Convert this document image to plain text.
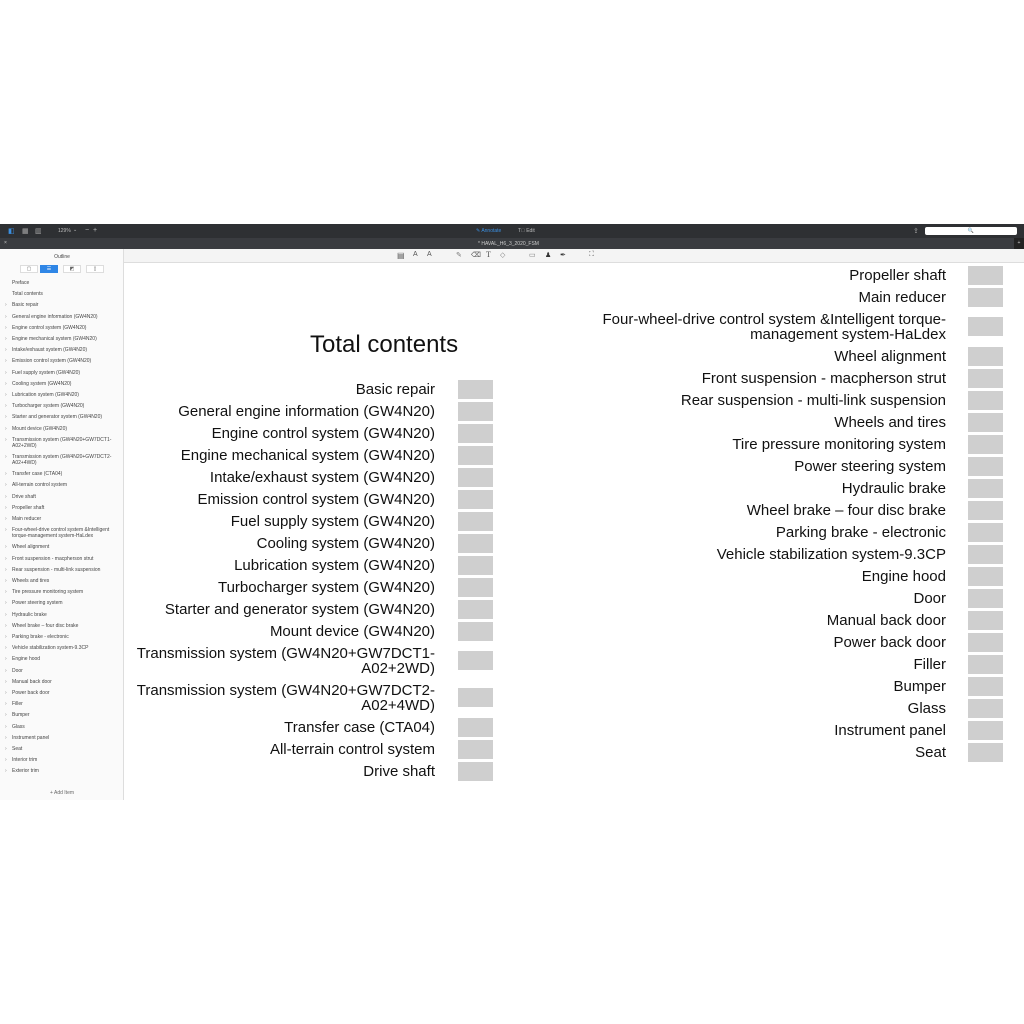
◧ ▦ ▥	129% ⌄ − +	✎ Annotate	T⃞ Edit	⇪	🔍
×	* HAVAL_H6_3_2020_FSM	+
▤ A A	✎ ⌫ T ◇	▭ ♟ ✒	⛶
Outline
▢	☰	◩	▯
Preface
Total contents
› Basic repair
› General engine information (GW4N20)
› Engine control system (GW4N20)
› Engine mechanical system (GW4N20)
› Intake/exhaust system (GW4N20)
› Emission control system (GW4N20)
› Fuel supply system (GW4N20)
› Cooling system (GW4N20)
› Lubrication system (GW4N20)
› Turbocharger system (GW4N20)
› Starter and generator system (GW4N20)
› Mount device (GW4N20)
› Transmission system (GW4N20+GW7DCT1-A02+2WD)
› Transmission system (GW4N20+GW7DCT2-A02+4WD)
› Transfer case (CTA04)
› All-terrain control system
› Drive shaft
› Propeller shaft
› Main reducer
› Four-wheel-drive control system &Intelligent torque-management system-HaLdex
› Wheel alignment
› Front suspension - macpherson strut
› Rear suspension - multi-link suspension
› Wheels and tires
› Tire pressure monitoring system
› Power steering system
› Hydraulic brake
› Wheel brake – four disc brake
› Parking brake - electronic
› Vehicle stabilization system-9.3CP
› Engine hood
› Door
› Manual back door
› Power back door
› Filler
› Bumper
› Glass
› Instrument panel
› Seat
› Interior trim
› Exterior trim
+ Add Item
Total contents
Basic repair
General engine information (GW4N20)
Engine control system (GW4N20)
Engine mechanical system (GW4N20)
Intake/exhaust system (GW4N20)
Emission control system (GW4N20)
Fuel supply system (GW4N20)
Cooling system (GW4N20)
Lubrication system (GW4N20)
Turbocharger system (GW4N20)
Starter and generator system (GW4N20)
Mount device (GW4N20)
Transmission system (GW4N20+GW7DCT1-
A02+2WD)
Transmission system (GW4N20+GW7DCT2-
A02+4WD)
Transfer case (CTA04)
All-terrain control system
Drive shaft
Propeller shaft
Main reducer
Four-wheel-drive control system &Intelligent torque-
management system-HaLdex
Wheel alignment
Front suspension - macpherson strut
Rear suspension - multi-link suspension
Wheels and tires
Tire pressure monitoring system
Power steering system
Hydraulic brake
Wheel brake – four disc brake
Parking brake - electronic
Vehicle stabilization system-9.3CP
Engine hood
Door
Manual back door
Power back door
Filler
Bumper
Glass
Instrument panel
Seat
